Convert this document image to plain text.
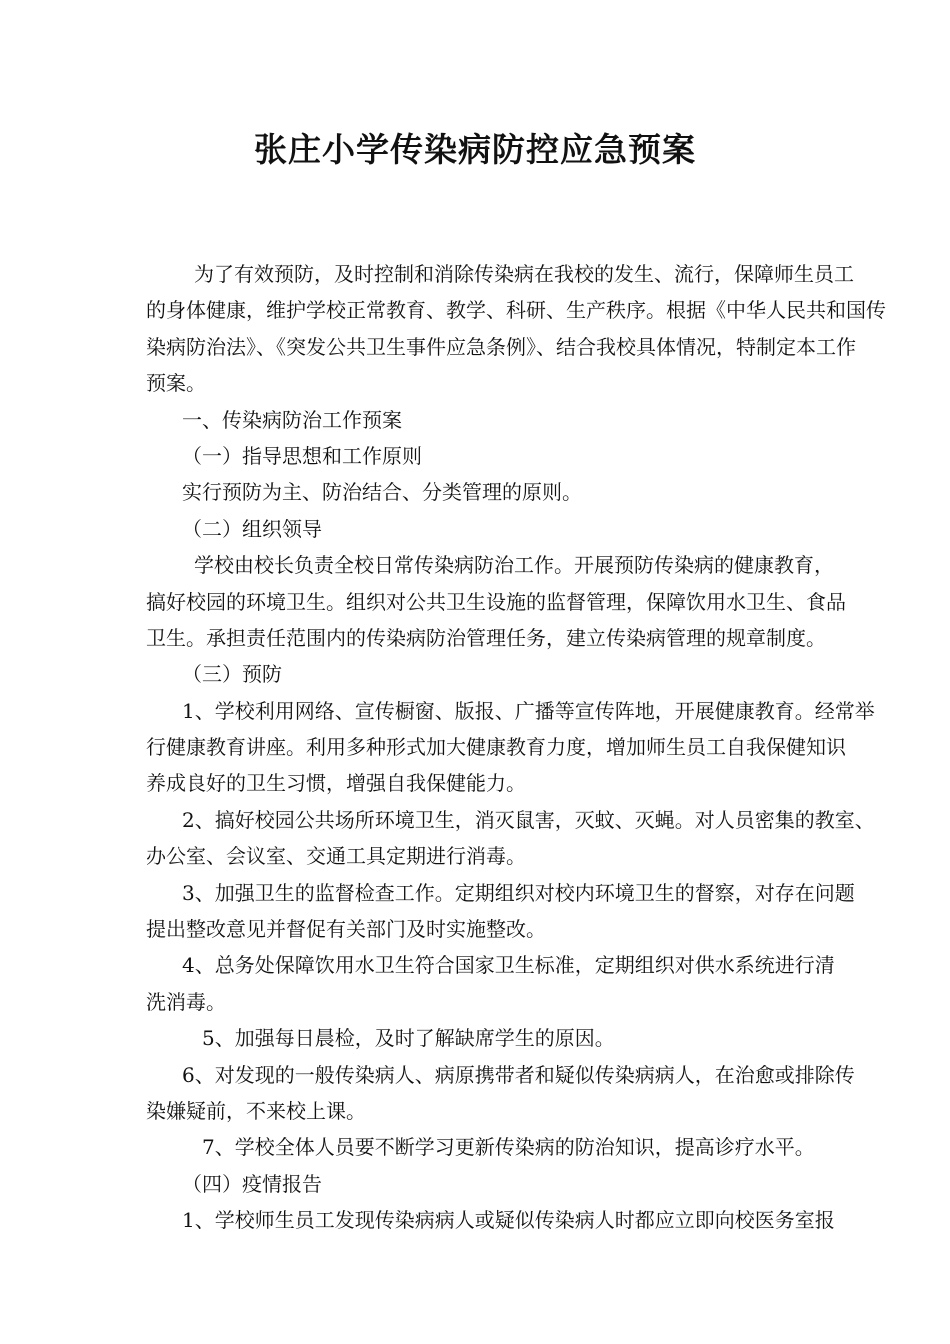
张庄小学传染病防控应急预案
为了有效预防，及时控制和消除传染病在我校的发生、流行，保障师生员工
的身体健康，维护学校正常教育、教学、科研、生产秩序。根据《中华人民共和国传
染病防治法》、《突发公共卫生事件应急条例》、结合我校具体情况，特制定本工作
预案。
一、传染病防治工作预案
（一）指导思想和工作原则
实行预防为主、防治结合、分类管理的原则。
（二）组织领导
学校由校长负责全校日常传染病防治工作。开展预防传染病的健康教育，
搞好校园的环境卫生。组织对公共卫生设施的监督管理，保障饮用水卫生、食品
卫生。承担责任范围内的传染病防治管理任务，建立传染病管理的规章制度。
（三）预防
1、学校利用网络、宣传橱窗、版报、广播等宣传阵地，开展健康教育。经常举
行健康教育讲座。利用多种形式加大健康教育力度，增加师生员工自我保健知识
养成良好的卫生习惯，增强自我保健能力。
2、搞好校园公共场所环境卫生，消灭鼠害，灭蚊、灭蝇。对人员密集的教室、
办公室、会议室、交通工具定期进行消毒。
3、加强卫生的监督检查工作。定期组织对校内环境卫生的督察，对存在问题
提出整改意见并督促有关部门及时实施整改。
4、总务处保障饮用水卫生符合国家卫生标准，定期组织对供水系统进行清
洗消毒。
5、加强每日晨检，及时了解缺席学生的原因。
6、对发现的一般传染病人、病原携带者和疑似传染病病人，在治愈或排除传
染嫌疑前，不来校上课。
7、学校全体人员要不断学习更新传染病的防治知识，提高诊疗水平。
（四）疫情报告
1、学校师生员工发现传染病病人或疑似传染病人时都应立即向校医务室报
